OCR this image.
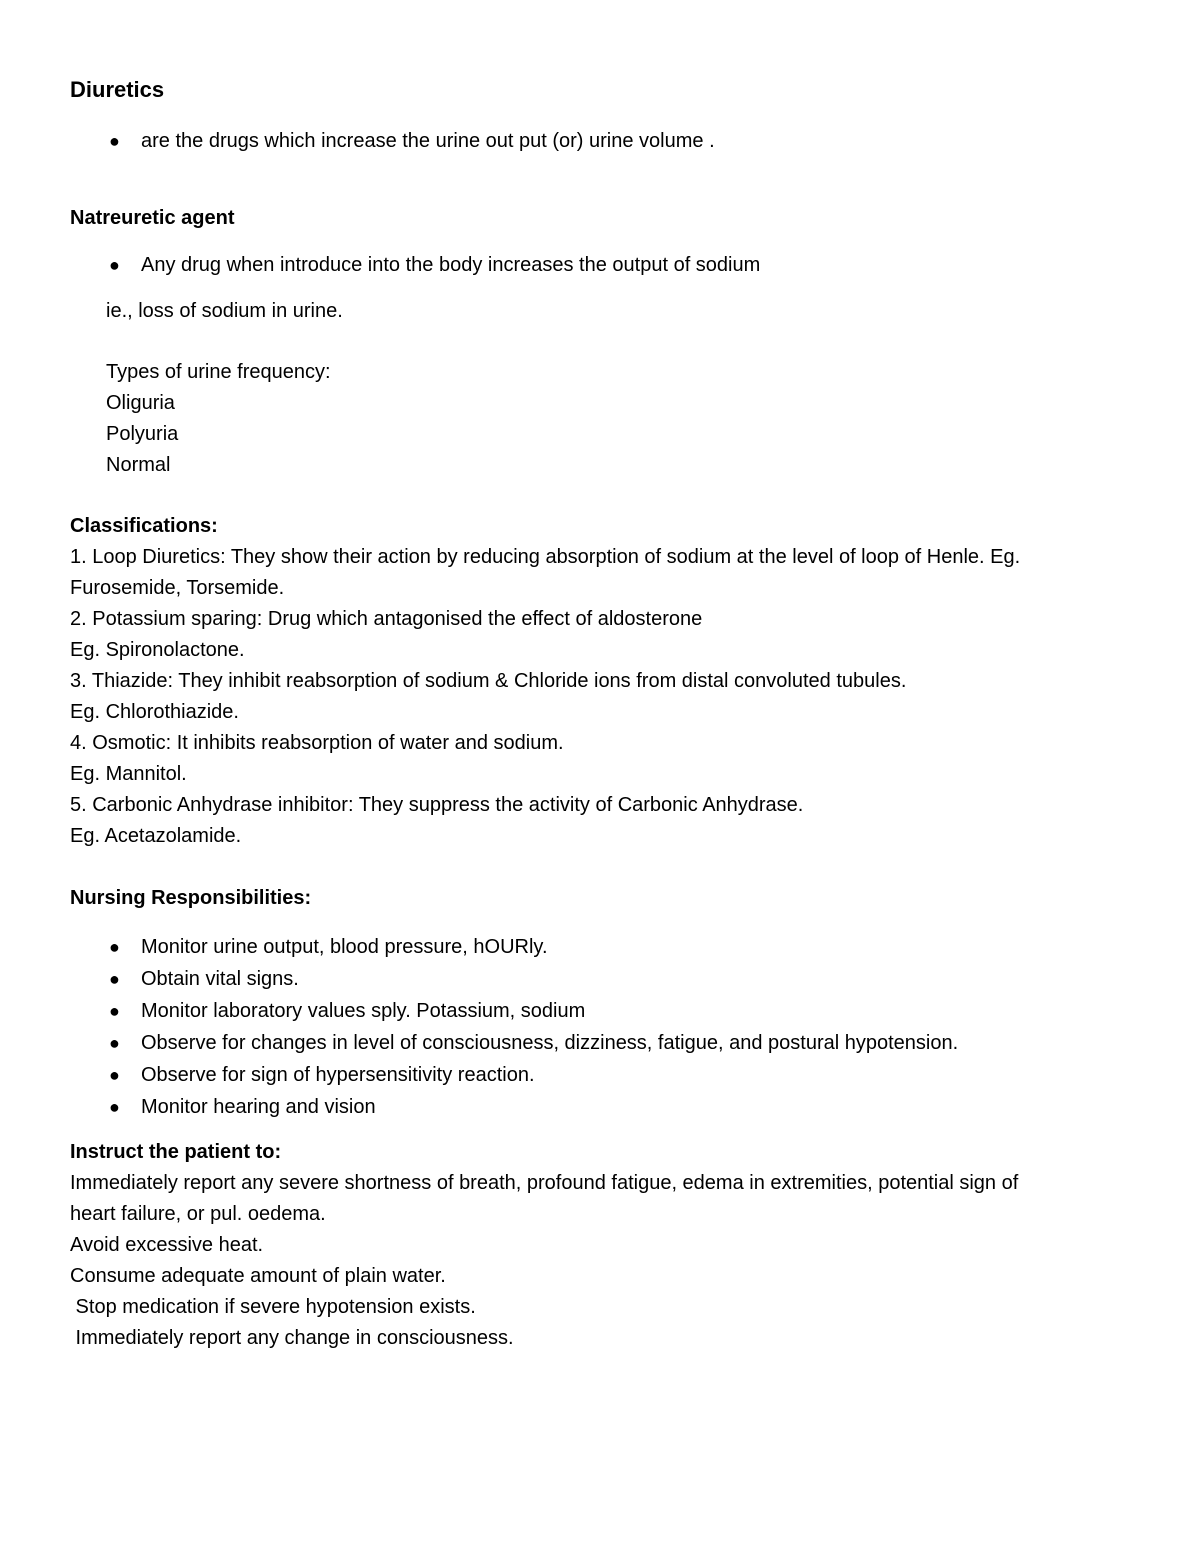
Diuretics
● are the drugs which increase the urine out put (or) urine volume .

Natreuretic agent

● Any drug when introduce into the body increases the output of sodium

ie., loss of sodium in urine.

Types of urine frequency:

Oliguria

Polyuria

Normal

Classifications:

1. Loop Diuretics: They show their action by reducing absorption of sodium at the level of loop of Henle. Eg.

Furosemide, Torsemide.

2. Potassium sparing: Drug which antagonised the effect of aldosterone

Eg. Spironolactone.

3. Thiazide: They inhibit reabsorption of sodium & Chloride ions from distal convoluted tubules.

Eg. Chlorothiazide.

4. Osmotic: It inhibits reabsorption of water and sodium.

Eg. Mannitol.

5. Carbonic Anhydrase inhibitor: They suppress the activity of Carbonic Anhydrase.

Eg. Acetazolamide.

Nursing Responsibilities:

● Monitor urine output, blood pressure, hOURly.
● Obtain vital signs.
● Monitor laboratory values sply. Potassium, sodium
● Observe for changes in level of consciousness, dizziness, fatigue, and postural hypotension.
● Observe for sign of hypersensitivity reaction.
● Monitor hearing and vision

Instruct the patient to:

Immediately report any severe shortness of breath, profound fatigue, edema in extremities, potential sign of

heart failure, or pul. oedema.

Avoid excessive heat.

Consume adequate amount of plain water.

Stop medication if severe hypotension exists.

Immediately report any change in consciousness.
